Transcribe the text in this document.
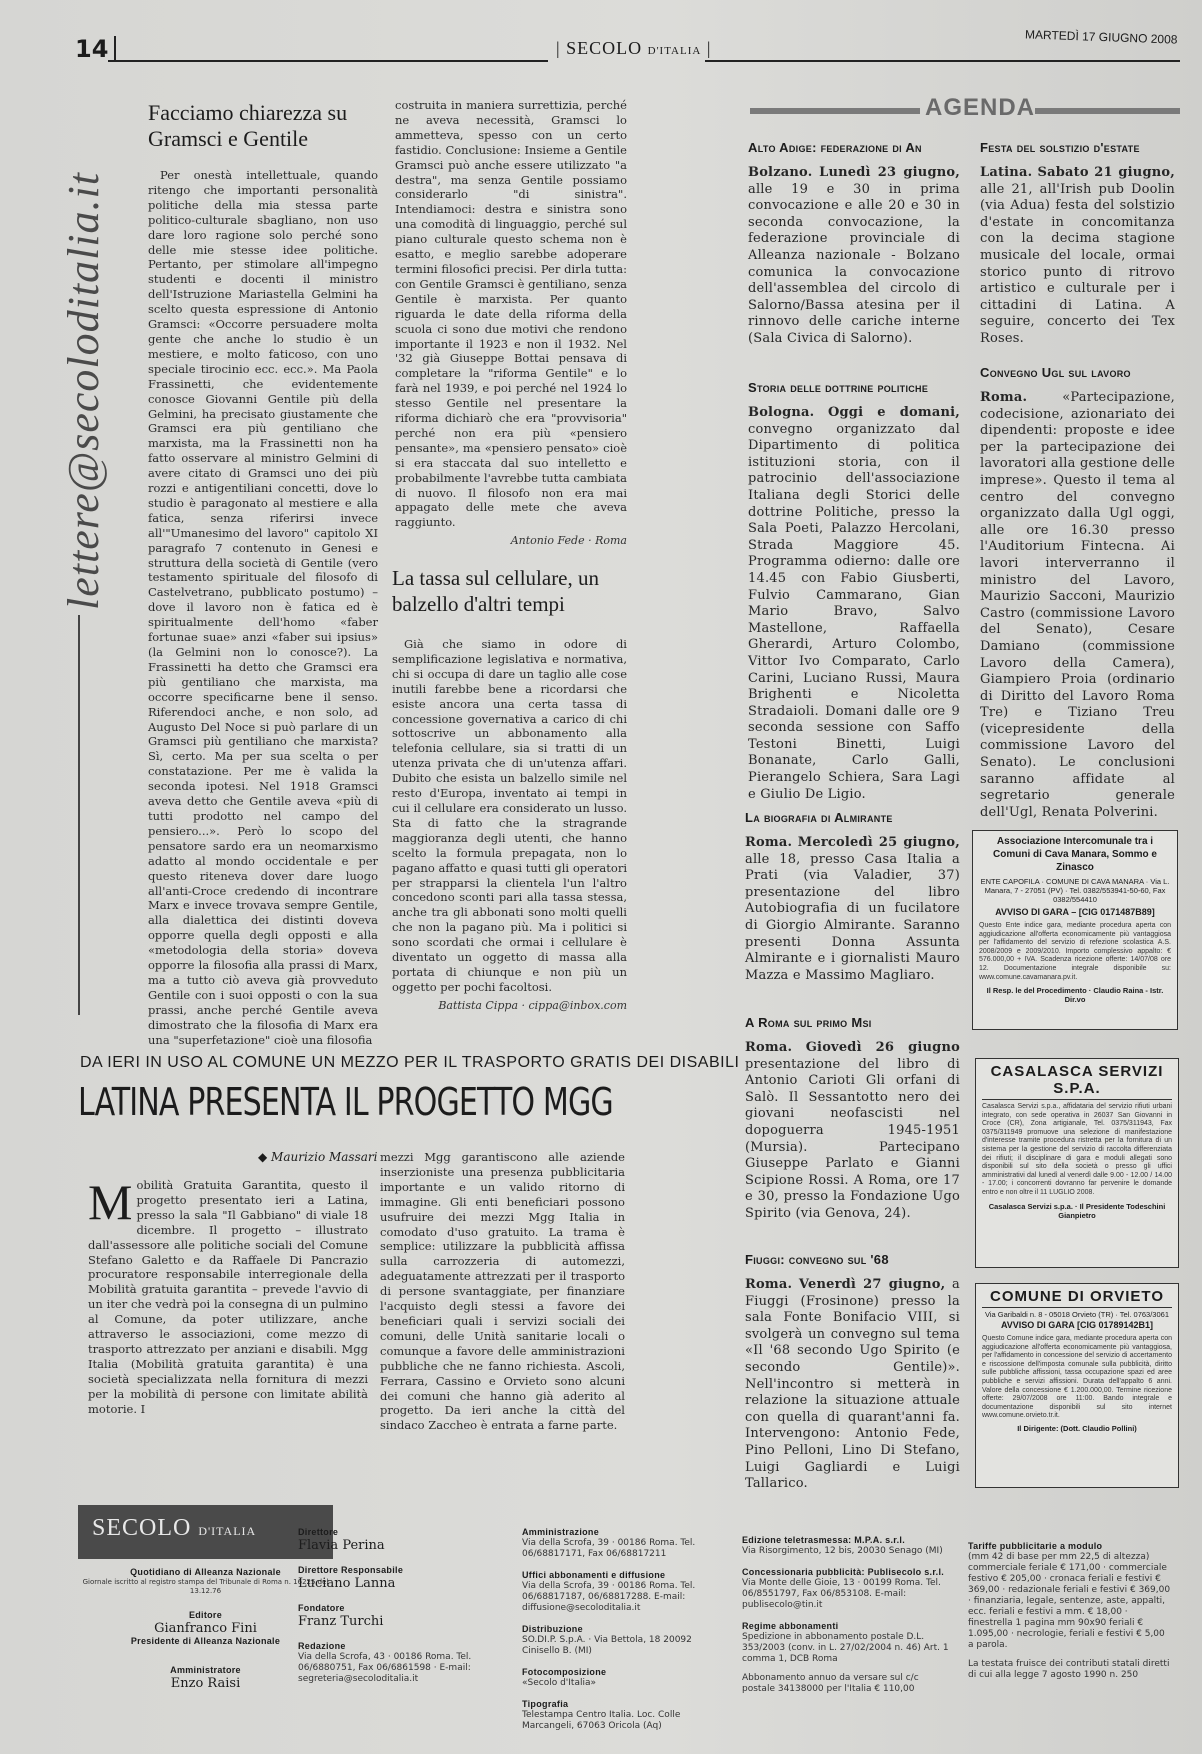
14	| SECOLO D'ITALIA |
MARTEDÌ 17 GIUGNO 2008
lettere@secoloditalia.it
Facciamo chiarezza su Gramsci e Gentile

Per onestà intellettuale, quando ritengo che importanti personalità politiche della mia stessa parte politico-culturale sbagliano, non uso dare loro ragione solo perché sono delle mie stesse idee politiche. Pertanto, per stimolare all'impegno studenti e docenti il ministro dell'Istruzione Mariastella Gelmini ha scelto questa espressione di Antonio Gramsci: «Occorre persuadere molta gente che anche lo studio è un mestiere, e molto faticoso, con uno speciale tirocinio ecc. ecc.». Ma Paola Frassinetti, che evidentemente conosce Giovanni Gentile più della Gelmini, ha precisato giustamente che Gramsci era più gentiliano che marxista, ma la Frassinetti non ha fatto osservare al ministro Gelmini di avere citato di Gramsci uno dei più rozzi e antigentiliani concetti, dove lo studio è paragonato al mestiere e alla fatica, senza riferirsi invece all'"Umanesimo del lavoro" capitolo XI paragrafo 7 contenuto in Genesi e struttura della società di Gentile (vero testamento spirituale del filosofo di Castelvetrano, pubblicato postumo) – dove il lavoro non è fatica ed è spiritualmente dell'homo «faber fortunae suae» anzi «faber sui ipsius» (la Gelmini non lo conosce?). La Frassinetti ha detto che Gramsci era più gentiliano che marxista, ma occorre specificarne bene il senso. Riferendoci anche, e non solo, ad Augusto Del Noce si può parlare di un Gramsci più gentiliano che marxista? Sì, certo. Ma per sua scelta o per constatazione. Per me è valida la seconda ipotesi. Nel 1918 Gramsci aveva detto che Gentile aveva «più di tutti prodotto nel campo del pensiero...». Però lo scopo del pensatore sardo era un neomarxismo adatto al mondo occidentale e per questo riteneva dover dare luogo all'anti-Croce credendo di incontrare Marx e invece trovava sempre Gentile, alla dialettica dei distinti doveva opporre quella degli opposti e alla «metodologia della storia» doveva opporre la filosofia alla prassi di Marx, ma a tutto ciò aveva già provveduto Gentile con i suoi opposti o con la sua prassi, anche perché Gentile aveva dimostrato che la filosofia di Marx era una "superfetazione" cioè una filosofia

costruita in maniera surrettizia, perché ne aveva necessità, Gramsci lo ammetteva, spesso con un certo fastidio. Conclusione: Insieme a Gentile Gramsci può anche essere utilizzato "a destra", ma senza Gentile possiamo considerarlo "di sinistra". Intendiamoci: destra e sinistra sono una comodità di linguaggio, perché sul piano culturale questo schema non è esatto, e meglio sarebbe adoperare termini filosofici precisi. Per dirla tutta: con Gentile Gramsci è gentiliano, senza Gentile è marxista. Per quanto riguarda le date della riforma della scuola ci sono due motivi che rendono importante il 1923 e non il 1932. Nel '32 già Giuseppe Bottai pensava di completare la "riforma Gentile" e lo farà nel 1939, e poi perché nel 1924 lo stesso Gentile nel presentare la riforma dichiarò che era "provvisoria" perché non era più «pensiero pensante», ma «pensiero pensato» cioè si era staccata dal suo intelletto e probabilmente l'avrebbe tutta cambiata di nuovo. Il filosofo non era mai appagato delle mete che aveva raggiunto.

Antonio Fede · Roma
La tassa sul cellulare, un balzello d'altri tempi

Già che siamo in odore di semplificazione legislativa e normativa, chi si occupa di dare un taglio alle cose inutili farebbe bene a ricordarsi che esiste ancora una certa tassa di concessione governativa a carico di chi sottoscrive un abbonamento alla telefonia cellulare, sia si tratti di un utenza privata che di un'utenza affari. Dubito che esista un balzello simile nel resto d'Europa, inventato ai tempi in cui il cellulare era considerato un lusso. Sta di fatto che la stragrande maggioranza degli utenti, che hanno scelto la formula prepagata, non lo pagano affatto e quasi tutti gli operatori per strapparsi la clientela l'un l'altro concedono sconti pari alla tassa stessa, anche tra gli abbonati sono molti quelli che non la pagano più. Ma i politici si sono scordati che ormai i cellulare è diventato un oggetto di massa alla portata di chiunque e non più un oggetto per pochi facoltosi.

Battista Cippa · cippa@inbox.com
AGENDA
Alto Adige: federazione di An

Bolzano. Lunedì 23 giugno, alle 19 e 30 in prima convocazione e alle 20 e 30 in seconda convocazione, la federazione provinciale di Alleanza nazionale - Bolzano comunica la convocazione dell'assemblea del circolo di Salorno/Bassa atesina per il rinnovo delle cariche interne (Sala Civica di Salorno).

Storia delle dottrine politiche

Bologna. Oggi e domani, convegno organizzato dal Dipartimento di politica istituzioni storia, con il patrocinio dell'associazione Italiana degli Storici delle dottrine Politiche, presso la Sala Poeti, Palazzo Hercolani, Strada Maggiore 45. Programma odierno: dalle ore 14.45 con Fabio Giusberti, Fulvio Cammarano, Gian Mario Bravo, Salvo Mastellone, Raffaella Gherardi, Arturo Colombo, Vittor Ivo Comparato, Carlo Carini, Luciano Russi, Maura Brighenti e Nicoletta Stradaioli. Domani dalle ore 9 seconda sessione con Saffo Testoni Binetti, Luigi Bonanate, Carlo Galli, Pierangelo Schiera, Sara Lagi e Giulio De Ligio.

La biografia di Almirante

Roma. Mercoledì 25 giugno, alle 18, presso Casa Italia a Prati (via Valadier, 37) presentazione del libro Autobiografia di un fucilatore di Giorgio Almirante. Saranno presenti Donna Assunta Almirante e i giornalisti Mauro Mazza e Massimo Magliaro.

A Roma sul primo Msi

Roma. Giovedì 26 giugno presentazione del libro di Antonio Carioti Gli orfani di Salò. Il Sessantotto nero dei giovani neofascisti nel dopoguerra 1945-1951 (Mursia). Partecipano Giuseppe Parlato e Gianni Scipione Rossi. A Roma, ore 17 e 30, presso la Fondazione Ugo Spirito (via Genova, 24).

Fiuggi: convegno sul '68

Roma. Venerdì 27 giugno, a Fiuggi (Frosinone) presso la sala Fonte Bonifacio VIII, si svolgerà un convegno sul tema «Il '68 secondo Ugo Spirito (e secondo Gentile)». Nell'incontro si metterà in relazione la situazione attuale con quella di quarant'anni fa. Intervengono: Antonio Fede, Pino Pelloni, Lino Di Stefano, Luigi Gagliardi e Luigi Tallarico.

Festa del solstizio d'estate

Latina. Sabato 21 giugno, alle 21, all'Irish pub Doolin (via Adua) festa del solstizio d'estate in concomitanza con la decima stagione musicale del locale, ormai storico punto di ritrovo artistico e culturale per i cittadini di Latina. A seguire, concerto dei Tex Roses.

Convegno Ugl sul lavoro

Roma.	«Partecipazione, codecisione, azionariato dei dipendenti: proposte e idee per la partecipazione dei lavoratori alla gestione delle imprese». Questo il tema al centro del convegno organizzato dalla Ugl oggi, alle ore 16.30 presso l'Auditorium Fintecna. Ai lavori interverranno il ministro del Lavoro, Maurizio Sacconi, Maurizio Castro (commissione Lavoro del Senato), Cesare Damiano (commissione Lavoro della Camera), Giampiero Proia (ordinario di Diritto del Lavoro Roma Tre) e Tiziano Treu (vicepresidente della commissione Lavoro del Senato). Le conclusioni saranno affidate al segretario generale dell'Ugl, Renata Polverini.

Associazione Intercomunale tra i Comuni di Cava Manara, Sommo e Zinasco
ENTE CAPOFILA · COMUNE DI CAVA MANARA · Via L. Manara, 7 - 27051 (PV) · Tel. 0382/553941-50-60, Fax 0382/554410
AVVISO DI GARA – [CIG 0171487B89]
Questo Ente indice gara, mediante procedura aperta con aggiudicazione all'offerta economicamente più vantaggiosa per l'affidamento del servizio di refezione scolastica A.S. 2008/2009 e 2009/2010. Importo complessivo appalto: € 576.000,00 + IVA. Scadenza ricezione offerte: 14/07/08 ore 12. Documentazione integrale disponibile su: www.comune.cavamanara.pv.it.
Il Resp. le del Procedimento · Claudio Raina - Istr. Dir.vo
CASALASCA SERVIZI S.P.A.
Casalasca Servizi s.p.a., affidataria del servizio rifiuti urbani integrato, con sede operativa in 26037 San Giovanni in Croce (CR), Zona artigianale, Tel. 0375/311943, Fax 0375/311949 promuove una selezione di manifestazione d'interesse tramite procedura ristretta per la fornitura di un sistema per la gestione del servizio di raccolta differenziata dei rifiuti; il disciplinare di gara e moduli allegati sono disponibili sul sito della società o presso gli uffici amministrativi dal lunedì al venerdì dalle 9.00 - 12.00 / 14.00 - 17.00; i concorrenti dovranno far pervenire le domande entro e non oltre il 11 LUGLIO 2008.
Casalasca Servizi s.p.a. · Il Presidente Todeschini Gianpietro
COMUNE DI ORVIETO
Via Garibaldi n. 8 - 05018 Orvieto (TR) · Tel. 0763/3061
AVVISO DI GARA [CIG 01789142B1]
Questo Comune indice gara, mediante procedura aperta con aggiudicazione all'offerta economicamente più vantaggiosa, per l'affidamento in concessione del servizio di accertamento e riscossione dell'imposta comunale sulla pubblicità, diritto sulle pubbliche affissioni, tassa occupazione spazi ed aree pubbliche e servizi affissioni. Durata dell'appalto 6 anni. Valore della concessione € 1.200.000,00. Termine ricezione offerte: 29/07/2008 ore 11:00. Bando integrale e documentazione disponibili sul sito internet www.comune.orvieto.tr.it.
Il Dirigente: (Dott. Claudio Pollini)
DA IERI IN USO AL COMUNE UN MEZZO PER IL TRASPORTO GRATIS DEI DISABILI
LATINA PRESENTA IL PROGETTO MGG
◆ Maurizio Massari
M obilità Gratuita Garantita, questo il progetto presentato ieri a Latina, presso la sala "Il Gabbiano" di viale 18 dicembre. Il progetto – illustrato dall'assessore alle politiche sociali del Comune Stefano Galetto e da Raffaele Di Pancrazio procuratore responsabile interregionale della Mobilità gratuita garantita – prevede l'avvio di un iter che vedrà poi la consegna di un pulmino al Comune, da poter utilizzare, anche attraverso le associazioni, come mezzo di trasporto attrezzato per anziani e disabili. Mgg Italia (Mobilità gratuita garantita) è una società specializzata nella fornitura di mezzi per la mobilità di persone con limitate abilità motorie. I

mezzi Mgg garantiscono alle aziende inserzioniste una presenza pubblicitaria importante e un valido ritorno di immagine. Gli enti beneficiari possono usufruire dei mezzi Mgg Italia in comodato d'uso gratuito. La trama è semplice: utilizzare la pubblicità affissa sulla carrozzeria di automezzi, adeguatamente attrezzati per il trasporto di persone svantaggiate, per finanziare l'acquisto degli stessi a favore dei beneficiari quali i servizi sociali dei comuni, delle Unità sanitarie locali o comunque a favore delle amministrazioni pubbliche che ne fanno richiesta. Ascoli, Ferrara, Cassino e Orvieto sono alcuni dei comuni che hanno già aderito al progetto. Da ieri anche la città del sindaco Zaccheo è entrata a farne parte.

SECOLO D'ITALIA
Quotidiano di Alleanza Nazionale
Giornale iscritto al registro stampa del Tribunale di Roma n. 16225 del 13.12.76
Editore
Gianfranco Fini
Presidente di Alleanza Nazionale
Amministratore
Enzo Raisi
Direttore
Flavia Perina
Direttore Responsabile
Luciano Lanna
Fondatore
Franz Turchi
Redazione
Via della Scrofa, 43 · 00186 Roma. Tel. 06/6880751, Fax 06/6861598 · E-mail: segreteria@secoloditalia.it
Amministrazione
Via della Scrofa, 39 · 00186 Roma. Tel. 06/68817171, Fax 06/68817211
Uffici abbonamenti e diffusione
Via della Scrofa, 39 · 00186 Roma. Tel. 06/68817187, 06/68817288. E-mail: diffusione@secoloditalia.it
Distribuzione
SO.DI.P. S.p.A. · Via Bettola, 18 20092 Cinisello B. (MI)
Fotocomposizione
«Secolo d'Italia»
Tipografia
Telestampa Centro Italia. Loc. Colle Marcangeli, 67063 Oricola (Aq)
Edizione teletrasmessa: M.P.A. s.r.l.
Via Risorgimento, 12 bis, 20030 Senago (MI)
Concessionaria pubblicità: Publisecolo s.r.l.
Via Monte delle Gioie, 13 · 00199 Roma. Tel. 06/8551797, Fax 06/853108. E-mail: publisecolo@tin.it
Regime abbonamenti
Spedizione in abbonamento postale D.L. 353/2003 (conv. in L. 27/02/2004 n. 46) Art. 1 comma 1, DCB Roma
Abbonamento annuo da versare sul c/c postale 34138000 per l'Italia € 110,00
Tariffe pubblicitarie a modulo
(mm 42 di base per mm 22,5 di altezza) commerciale feriale € 171,00 · commerciale festivo € 205,00 · cronaca feriali e festivi € 369,00 · redazionale feriali e festivi € 369,00 · finanziaria, legale, sentenze, aste, appalti, ecc. feriali e festivi a mm. € 18,00 · finestrella 1 pagina mm 90x90 feriali € 1.095,00 · necrologie, feriali e festivi € 5,00 a parola.
La testata fruisce dei contributi statali diretti di cui alla legge 7 agosto 1990 n. 250
